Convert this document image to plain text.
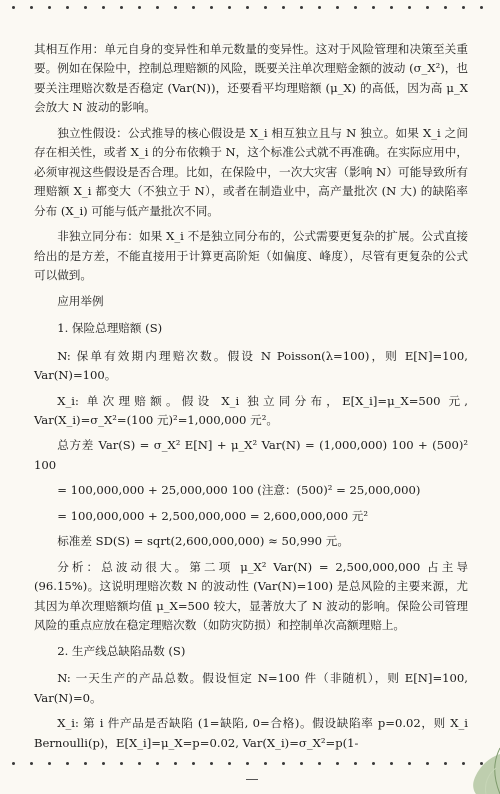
其相互作用：单元自身的变异性和单元数量的变异性。这对于风险管理和决策至关重要。例如在保险中，控制总理赔额的风险，既要关注单次理赔金额的波动 (σ_X²)，也要关注理赔次数是否稳定 (Var(N))，还要看平均理赔额 (μ_X) 的高低，因为高 μ_X 会放大 N 波动的影响。

独立性假设：公式推导的核心假设是 X_i 相互独立且与 N 独立。如果 X_i 之间存在相关性，或者 X_i 的分布依赖于 N，这个标准公式就不再准确。在实际应用中，必须审视这些假设是否合理。比如，在保险中，一次大灾害（影响 N）可能导致所有理赔额 X_i 都变大（不独立于 N），或者在制造业中，高产量批次 (N 大) 的缺陷率分布 (X_i) 可能与低产量批次不同。

非独立同分布：如果 X_i 不是独立同分布的，公式需要更复杂的扩展。公式直接给出的是方差，不能直接用于计算更高阶矩（如偏度、峰度），尽管有更复杂的公式可以做到。

应用举例

1. 保险总理赔额 (S)

N: 保单有效期内理赔次数。假设 N Poisson(λ=100)，则 E[N]=100, Var(N)=100。

X_i: 单次理赔额。假设 X_i 独立同分布，E[X_i]=μ_X=500 元, Var(X_i)=σ_X²=(100 元)²=1,000,000 元²。

总方差 Var(S) = σ_X² E[N] + μ_X² Var(N) = (1,000,000) 100 + (500)² 100

= 100,000,000 + 25,000,000 100 (注意：(500)² = 25,000,000)

= 100,000,000 + 2,500,000,000 = 2,600,000,000 元²

标准差 SD(S) = sqrt(2,600,000,000) ≈ 50,990 元。

分析：总波动很大。第二项 μ_X² Var(N) = 2,500,000,000 占主导 (96.15%)。这说明理赔次数 N 的波动性 (Var(N)=100) 是总风险的主要来源，尤其因为单次理赔额均值 μ_X=500 较大，显著放大了 N 波动的影响。保险公司管理风险的重点应放在稳定理赔次数（如防灾防损）和控制单次高额理赔上。

2. 生产线总缺陷品数 (S)

N: 一天生产的产品总数。假设恒定 N=100 件（非随机），则 E[N]=100, Var(N)=0。

X_i: 第 i 件产品是否缺陷 (1=缺陷, 0=合格)。假设缺陷率 p=0.02，则 X_i Bernoulli(p)，E[X_i]=μ_X=p=0.02, Var(X_i)=σ_X²=p(1-
